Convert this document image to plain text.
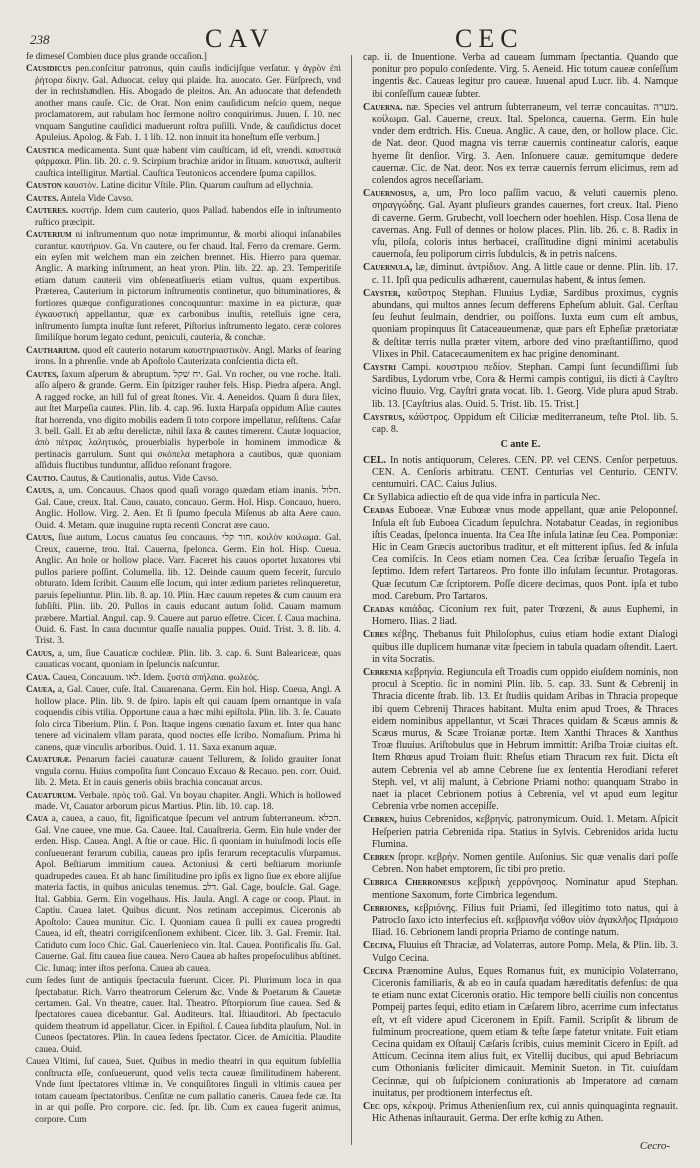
238	CAV	CEC

fe dimeseſ Combien duce plus grande occaſion.]

Cauſidicus pen.conſcitur patronus, quin cauſis indicijſque verſatur. γ ἀγρὸν ἐπὶ ῥήτορα δίκην. Gal. Aduocat. celuy qui plaide. Ita. auocato. Ger. Fürſprech, vnd der in rechtshaͤndlen. His. Abogado de pleitos. An. An aduocate that defendeth another mans cauſe. Cic. de Orat. Non enim cauſidicum neſcio quem, neque proclamatorem, aut rabulam hoc ſermone noſtro conquirimus. Juuen. ſ. 10. nec vnquam Sangutine cauſidici maduerunt roſtra puſilli. Vnde, & cauſidictus docet Apuleius. Apolog. & Fab. 1. 1 lib. 12. non innuit ita honeſtum eſſe verbum.]

Cauſtica medicamenta. Sunt quæ habent vim cauſticam, id eſt, vrendi. καυστικὰ φάρμακα. Plin. lib. 20. c. 9. Scirpium brachiæ aridor in ſituam. καυστικά, auſterit cauſtica intelligitur. Martial. Cauſtica Teutonicos accendere ſpuma capillos.

Cauſton καυστὸν. Latine dicitur Vſtile. Plin. Quarum cauſtum ad ellychnia.

Cautes. Antela Vide Cavso.

Cauteres. κυστήρ. Idem cum cauterio, quos Pallad. habendos eſſe in inſtrumento ruſtico præcipit.

Cauterium ni inſtrumentum quo notæ imprimuntur, & morbi alioqui inſanabiles curantur. καυτήριον. Ga. Vn cautere, ou fer chaud. Ital. Ferro da cremare. Germ. ein eyſen mit welchem man ein zeichen brennet. His. Hierro para quemar. Anglic. A marking inſtrument, an heat yron. Plin. lib. 22. ap. 23. Temperitiſe etiam datum cauterii vim obſeneatſiueris etiam vultus, quam expertibus. Præterea, Cauterium in pictorum inſtrumentis continetur, quo bituminatiores, & fortiores quæque configurationes concoquuntur: maxime in ea picturæ, quæ ἐγκαυστική appellantur, quæ ex carbonibus inuſtis, retelluis igne cera, inſtrumento ſumpta inuſtæ ſunt referet, Piſtorius inſtrumento legato. ceræ colores ſimiliſque horum legato cedunt, peniculi, cauteria, & conchæ.

Cautharium. quod eſt cauterio notarum καυστηριαστικὸν. Angl. Marks of ſearing irons. In a phrenſie. vnde ab Apoſtolo Cauterizata conſcientia dicta eſt.

Cautes, ſaxum aſperum & abruptum. יח שקל. Gal. Vn rocher, ou vne roche. Itali. aſſo aſpero & grande. Germ. Ein ſpitziger rauher fels. Hisp. Piedra aſpera. Angl. A ragged rocke, an hill ful of great ſtones. Vir. 4. Aeneidos. Quam ſi dura ſilex, aut ſtet Marpeſia cautes. Plin. lib. 4. cap. 96. Iuxta Harpaſa oppidum Aſiæ cautes ſtat horrenda, vno digito mobilis eadem ſi toto corpore impellatur, reſiſtens. Caſar 3. bell. Gall. Et ab æſtu derelictæ, nihil ſaxa & cautes timerent. Cautæ loquacior, ἀπὸ πέτρας λαλητικός, prouerbialis hyperbole in hominem immodicæ & pertinacis garrulum. Sunt qui σκόπελα metaphora a cautibus, quæ quoniam aſſiduis fluctibus tunduntur, aſſiduo reſonant fragore.

Cautio. Cautus, & Cautionalis, autus. Vide Cavso.

Cauus, a, um. Concauus. Chaos quod quaſi vorago quædam etiam inanis. חלול. Gal. Caue, creux. Ital. Cauo, cauato, concauo. Germ. Hol. Hisp. Concauo, huero. Anglic. Hollow. Virg. 2. Aen. Et ſi ſpumo ſpecula Miſenus ab alta Aere cauo. Ouid. 4. Metam. quæ inuguine rupta recenti Concrat ære cauo.

Cauus, ſiue autum, Locus cauatus ſeu concauus. חור קלי. κοιλὸν κοιλωμα. Gal. Creux, cauerne, trou. Ital. Cauerna, ſpelonca. Germ. Ein hol. Hisp. Cueua. Anglic. An hole or hollow place. Varr. Faceret his cauos oportet luxatores vbi pullos pariere poſſint. Columella. lib. 12. Deinde cauum quem fecerit, ſurculo obturato. Idem ſcribit. Cauum eſſe locum, qui inter ædium parietes relinqueretur, paruis ſepeliuntur. Plin. lib. 8. ap. 10. Plin. Hæc cauum repetes & cum cauum era ſubſiſti. Plin. lib. 20. Pullos in cauis educant autum ſolid. Cauam mamum præbere. Martial. Angul. cap. 9. Cauere aut paruo eſſetre. Cicer. ſ. Caua machina. Ouid. 6. Fast. In caua ducuntur quaſſe naualia puppes. Ouid. Trist. 3. 8. lib. 4. Trist. 3.

Cauus, a, um, ſiue Cauaticæ cochleæ. Plin. lib. 3. cap. 6. Sunt Baleariceæ, quas cauaticas vocant, quoniam in ſpeluncis naſcuntur.

Caua. Cauea, Concauum. לאו. Idem. ξυστὰ σπήλαια. φωλεός.

Cauea, a, Gal. Cauer, cuſe. Ital. Cauarenana. Germ. Ein hol. Hisp. Cueua, Angl. A hollow place. Plin. lib. 9. de ſpiro. lapis eſt qui cauam ſpem ornantque in vaſa coquendis cibis vtilia. Opportune caua a hæc mihi epiſtola. Plin. lib. 3. ſe. Cauato ſolo circa Tiberium. Plin. ſ. Pon. Itaque ingens cœnatio ſaxum et. Inter qua hanc tenere ad vicinalem vllam parata, quod noctes eſſe ſcribo. Nomaſium. Prima hi canens, quæ vinculis arboribus. Ouid. 1. 11. Saxa exanum aquæ.

Cauaturæ. Penarum faciei cauaturæ cauent Tellurem, & ſolido grauiter ſonat vngula cornu. Huius compoſita ſunt Concauo Excauo & Recauo. pen. corr. Ouid. lib. 2. Meta. Et in cauis generis obiis brachia concauat arcus.

Cauaturum. Verbale. πρὸς τοῦ. Gal. Vn boyau chapiter. Angli. Which is hollowed made. Vt, Cauator arborum picus Martius. Plin. lib. 10. cap. 18.

Caua a, cauea, a cauo, fit, ſignificatque ſpecum vel antrum ſubterraneum. הכלא. Gal. Vne cauee, vne mue. Ga. Cauee. Ital. Cauaſtreria. Germ. Ein hule vnder der erden. Hisp. Cauea. Angl. A ſtie or caue. Hic. ſi quoniam in huiuſmodi locis eſſe conſueuerant ferarum cubilia, caueas pro ipſis ferarum receptaculis vſurpamus. Apol. Beſtiarum immitium cauea. Actoniusi & certi beſtiarum moriunſe quadrupedes cauea. Et ab hanc ſimilitudine pro ipſis ex ligno ſiue ex ebore alijſue materia factis, in quibus aniculas tenemus. דלב. Gal. Cage, bouſcle. Gal. Gage. Ital. Gabbia. Germ. Ein vogelhaus. His. Jaula. Angl. A cage or coop. Plaut. in Captiu. Cauea latet. Quibus dicunt. Nos retinam accepimus. Ciceronis ab Apoſtolo: Cauea munitur. Cic. I. Quoniam cauea ſi pulli ex cauea progredti Cauea, id eſt, theatri corrigiſcenſionem exhibent. Cicer. lib. 3. Gal. Fremir. Ital. Catiduto cum loco Chic. Gal. Cauerlenieco vin. Ital. Cauea. Pontificalis ſſu. Gal. Cauerne. Gal. ſitu cauea ſiue cauea. Nero Cauea ab haſtes propeſoculibus abſtinet. Cic. Iunaq; inter iſtos perſona. Cauea ab cauea.

cum ſedes ſunt de antiquis ſpectacula fuerunt. Cicer. Pi. Plurimum loca in qua ſpectabatur. Rich. Varro theatrorum Celerum &c. Vnde & Poetarum & Cauetæ certamen. Gal. Vn theatre, cauer. Ital. Theatro. Pſtorpiorum ſiue cauea. Sed & ſpectatores cauea dicebantur. Gal. Auditeurs. Ital. Iſtiauditori. Ab ſpectaculo quidem theatrum id appellatur. Cicer. in Epiſtol. ſ. Cauea ſubdita plauſum, Nul. in Cuneos ſpectatores. Plin. In cauea ſedens ſpectator. Cicer. de Amicitia. Plaudite cauea. Ouid.

Cauea Vltimi, ſuſ cauea, Suet. Quibus in medio theatri in qua equitum ſubſellia conſtructa eſſe, conſueuerunt, quod velis tecta caueæ ſimilitudinem haberent. Vnde ſunt ſpectatores vltimæ in. Ve conquiſitores ſinguli in vltimis cauea per totam caueam ſpectatoribus. Cenſitæ ne cum pallatio caneris. Cauea fede cæ. Ita in ar qui poſſe. Pro corpore. cic. ſed. ſpr. lib. Cum ex cauea fugerit animus, corpore. Cum

cap. ii. de Inuentione. Verba ad caueam ſummam ſpectantia. Quando que ponitur pro populo conſedente. Virg. 5. Aeneid. Hic totum caueæ conſeſſum ingentis &c. Caueas legitur pro caueæ. Iuuenal apud Lucr. lib. 4. Namque ibi conſeſſum caueæ ſubter.

Cauerna. næ. Species vel antrum ſubterraneum, vel terræ concauitas. מערה. κοίλωμα. Gal. Cauerne, creux. Ital. Spelonca, cauerna. Germ. Ein hule vnder dem erdtrich. His. Cueua. Anglic. A caue, den, or hollow place. Cic. de Nat. deor. Quod magna vis terræ cauernis contineatur caloris, eaque hyeme ſit denſior. Virg. 3. Aen. Inſonuere cauæ. gemitumque dedere cauernæ. Cic. de Nat. deor. Nos ex terræ cauernis ferrum elicimus, rem ad colendos agros neceſſariam.

Cauernoſus, a, um, Pro loco paſſim vacuo, & veluti cauernis pleno. σηραγγώδης. Gal. Ayant pluſieurs grandes cauernes, fort creux. Ital. Pieno di caverne. Germ. Grubecht, voll loechern oder hoehlen. Hisp. Cosa llena de cavernas. Ang. Full of dennes or holow places. Plin. lib. 26. c. 8. Radix in vſu, piloſa, coloris intus herbacei, craſſitudine digni minimi acetabulis cauernoſa, ſeu poliporum cirris ſubdulcis, & in petris naſcens.

Cauernula, læ, diminut. ἀντρίδιον. Ang. A little caue or denne. Plin. lib. 17. c. 11. Ipſi qua pediculis adhærent, cauernulas habent, & intus ſemen.

Cayster, καΰστρος Stephan. Fluuius Lydiæ, Sardibus proximus, cygnis abundans, qui multos annes ſecum defferens Epheſum abluit. Gal. Cerſtau ſeu ſeuhut ſeulmain, dendrier, ou poiſſons. Iuxta eum cum eſt ambus, quoniam propinquus ſit Cataceaueumenæ, quæ pars eſt Epheſiæ prætoriatæ & deſtitæ terris nulla præter vitem, arbore ded vino præſtantiſſimo, quod Vlixes in Phil. Catacecaumenitem ex hac prigine denominant.

Caystri Campi. κουστριου πεδίον. Stephan. Campi ſunt ſecundiſſimi ſub Sardibus, Lydorum vrbe, Cora & Hermi campis contigui, iis dicti à Cayſtro vicino fluuio. Vrg. Cayſtri grata vocat. lib. 1. Georg. Vide plura apud Strab. lib. 13. [Cayſtrius alas. Ouid. 5. Trist. lib. 15. Trist.]

Caystrus, κάϋστρος. Oppidum eſt Ciliciæ mediterraneum, teſte Ptol. lib. 5. cap. 8.

C ante E.

CEL. In notis antiquorum, Celeres. CEN. PP. vel CENS. Cenſor perpetuus. CEN. A. Cenſoris arbitratu. CENT. Centurias vel Centurio. CENTV. centumuiri. CAC. Caius Julius.

Ce Syllabica adiectio eſt de qua vide infra in particula Nec.

Ceadas Euboeæ. Vnæ Eubœæ vnus mode appellant, quæ anie Peloponneſ. Inſula eſt ſub Euboea Cicadum ſepulchra. Notabatur Ceadas, in regionibus iſtis Ceadas, ſpelonca inuenta. Ita Cea Iſte inſula latinæ ſeu Cea. Pomponiæ: Hic in Ceam Græcis auctoribus traditur, et eſt mitterent ipſius. ſed & inſula Cea comiſcis. In Ceos etiam nomen Cea. Cea ſcribæ ſeruaſio Tegeſa in ſeptimo. Idem refert Tartareos. Pro fonte illo inſulam ſecuntur. Protagoras. Quæ ſecutum Cæ ſcriptorem. Poſſe dicere decimas, quos Pont. ipſa et tubo mod. Carebum. Pro Tartaros.

Ceadas καιάδας. Ciconium rex fuit, pater Trœzeni, & auus Euphemi, in Homero. Ilias. 2 liad.

Cebes κέβης. Thebanus fuit Philoſophus, cuius etiam hodie extant Dialogi quibus ille duplicem humanæ vitæ ſpeciem in tabula quadam oſtendit. Laert. in vita Socratis.

Cebrenia κεβρηνία. Regiuncula eſt Troadis cum oppido eiuſdem nominis, non procul à Sceptio. ſic in nomini Plin. lib. 5. cap. 33. Sunt & Cebrenij in Thracia dicente ſtrab. lib. 13. Et ſtudiis quidam Aribas in Thracia propeque ibi quem Cebrenij Thraces habitant. Multa enim apud Troes, & Thraces eidem nominibus appellantur, vt Scæi Thraces quidam & Scæus amnis & Scæus murus, & Scæe Troianæ portæ. Item Xanthi Thraces & Xanthus Troæ fluuius. Ariſtobulus que in Hebrum immittit: Ariſba Troiæ ciuitas eſt. Item Rhœus apud Troiam fluit: Rheſus etiam Thracum rex fuit. Dicta eſt autem Cebrenia vel ab amne Cebrene ſue ex ſententia Herodiani referet Steph. vel, vt alij malunt, à Cebrione Priami notho: quanquam Strabo in naet ia placet Cebrionem potius à Cebrenia, vel vt apud eum legitur Cebrenia vrbe nomen accepiſſe.

Cebren, huius Cebrenidos, κεβρηνίς. patronymicum. Ouid. 1. Metam. Aſpicit Heſperien patria Cebrenida ripa. Statius in Sylvis. Cebrenidos arida luctu Flumina.

Cebren ſpropr. κεβρήν. Nomen gentile. Auſonius. Sic quæ venalis dari poſſe Cebren. Non habet emptorem, ſic tibi pro pretio.

Cebrica Cherronesus κεβρικὴ χερρόνησος. Nominatur apud Stephan. mentione Saxonum, forte Cimbrica legendum.

Cebriones, κεβριόνης. Filius fuit Priami, ſed illegitimo toto natus, qui à Patroclo ſaxo icto interfecius eſt. κεβριονῆα νόθον υἱὸν ἀγακλῆος Πριάμοιο Iliad. 16. Cebrionem landi propria Priamo de continge natum.

Cecina, Fluuius eſt Thraciæ, ad Volaterras, autore Pomp. Mela, & Plin. lib. 3. Vulgo Cecina.

Cecina Prænomine Aulus, Eques Romanus fuit, ex municipio Volaterrano, Ciceronis familiaris, & ab eo in cauſa quadam hæreditatis defenſus: de qua te etiam nunc extat Ciceronis oratio. Hic tempore belli ciuilis non concentus Pompeij partes ſequi, edito etiam in Cæſarem libro, acerrime cum infectatus eſt, vt eſt videre apud Ciceronem in Epiſt. Famil. Scripſit & librum de fulminum procreatione, quem etiam & teſte ſæpe fatetur vnitate. Fuit etiam Cecina quidam ex Oſtauij Cæſaris ſcribis, cuius meminit Cicero in Epiſt. ad Atticum. Cecinna item alius fuit, ex Vitellij ducibus, qui apud Bebriacum cum Othonianis fœliciter dimicauit. Meminit Sueton. in Tit. cuiuſdam Cecinnæ, qui ob ſuſpicionem coniurationis ab Imperatore ad cœnam inuitatus, per prodtionem interfectus eſt.

Cec ops, κέκροψ. Primus Athenienſium rex, cui annis quinquaginta regnauit. Hic Athenas inſtaurauit. Germa. Der erſte koͤnig zu Athen.

Cecro-
